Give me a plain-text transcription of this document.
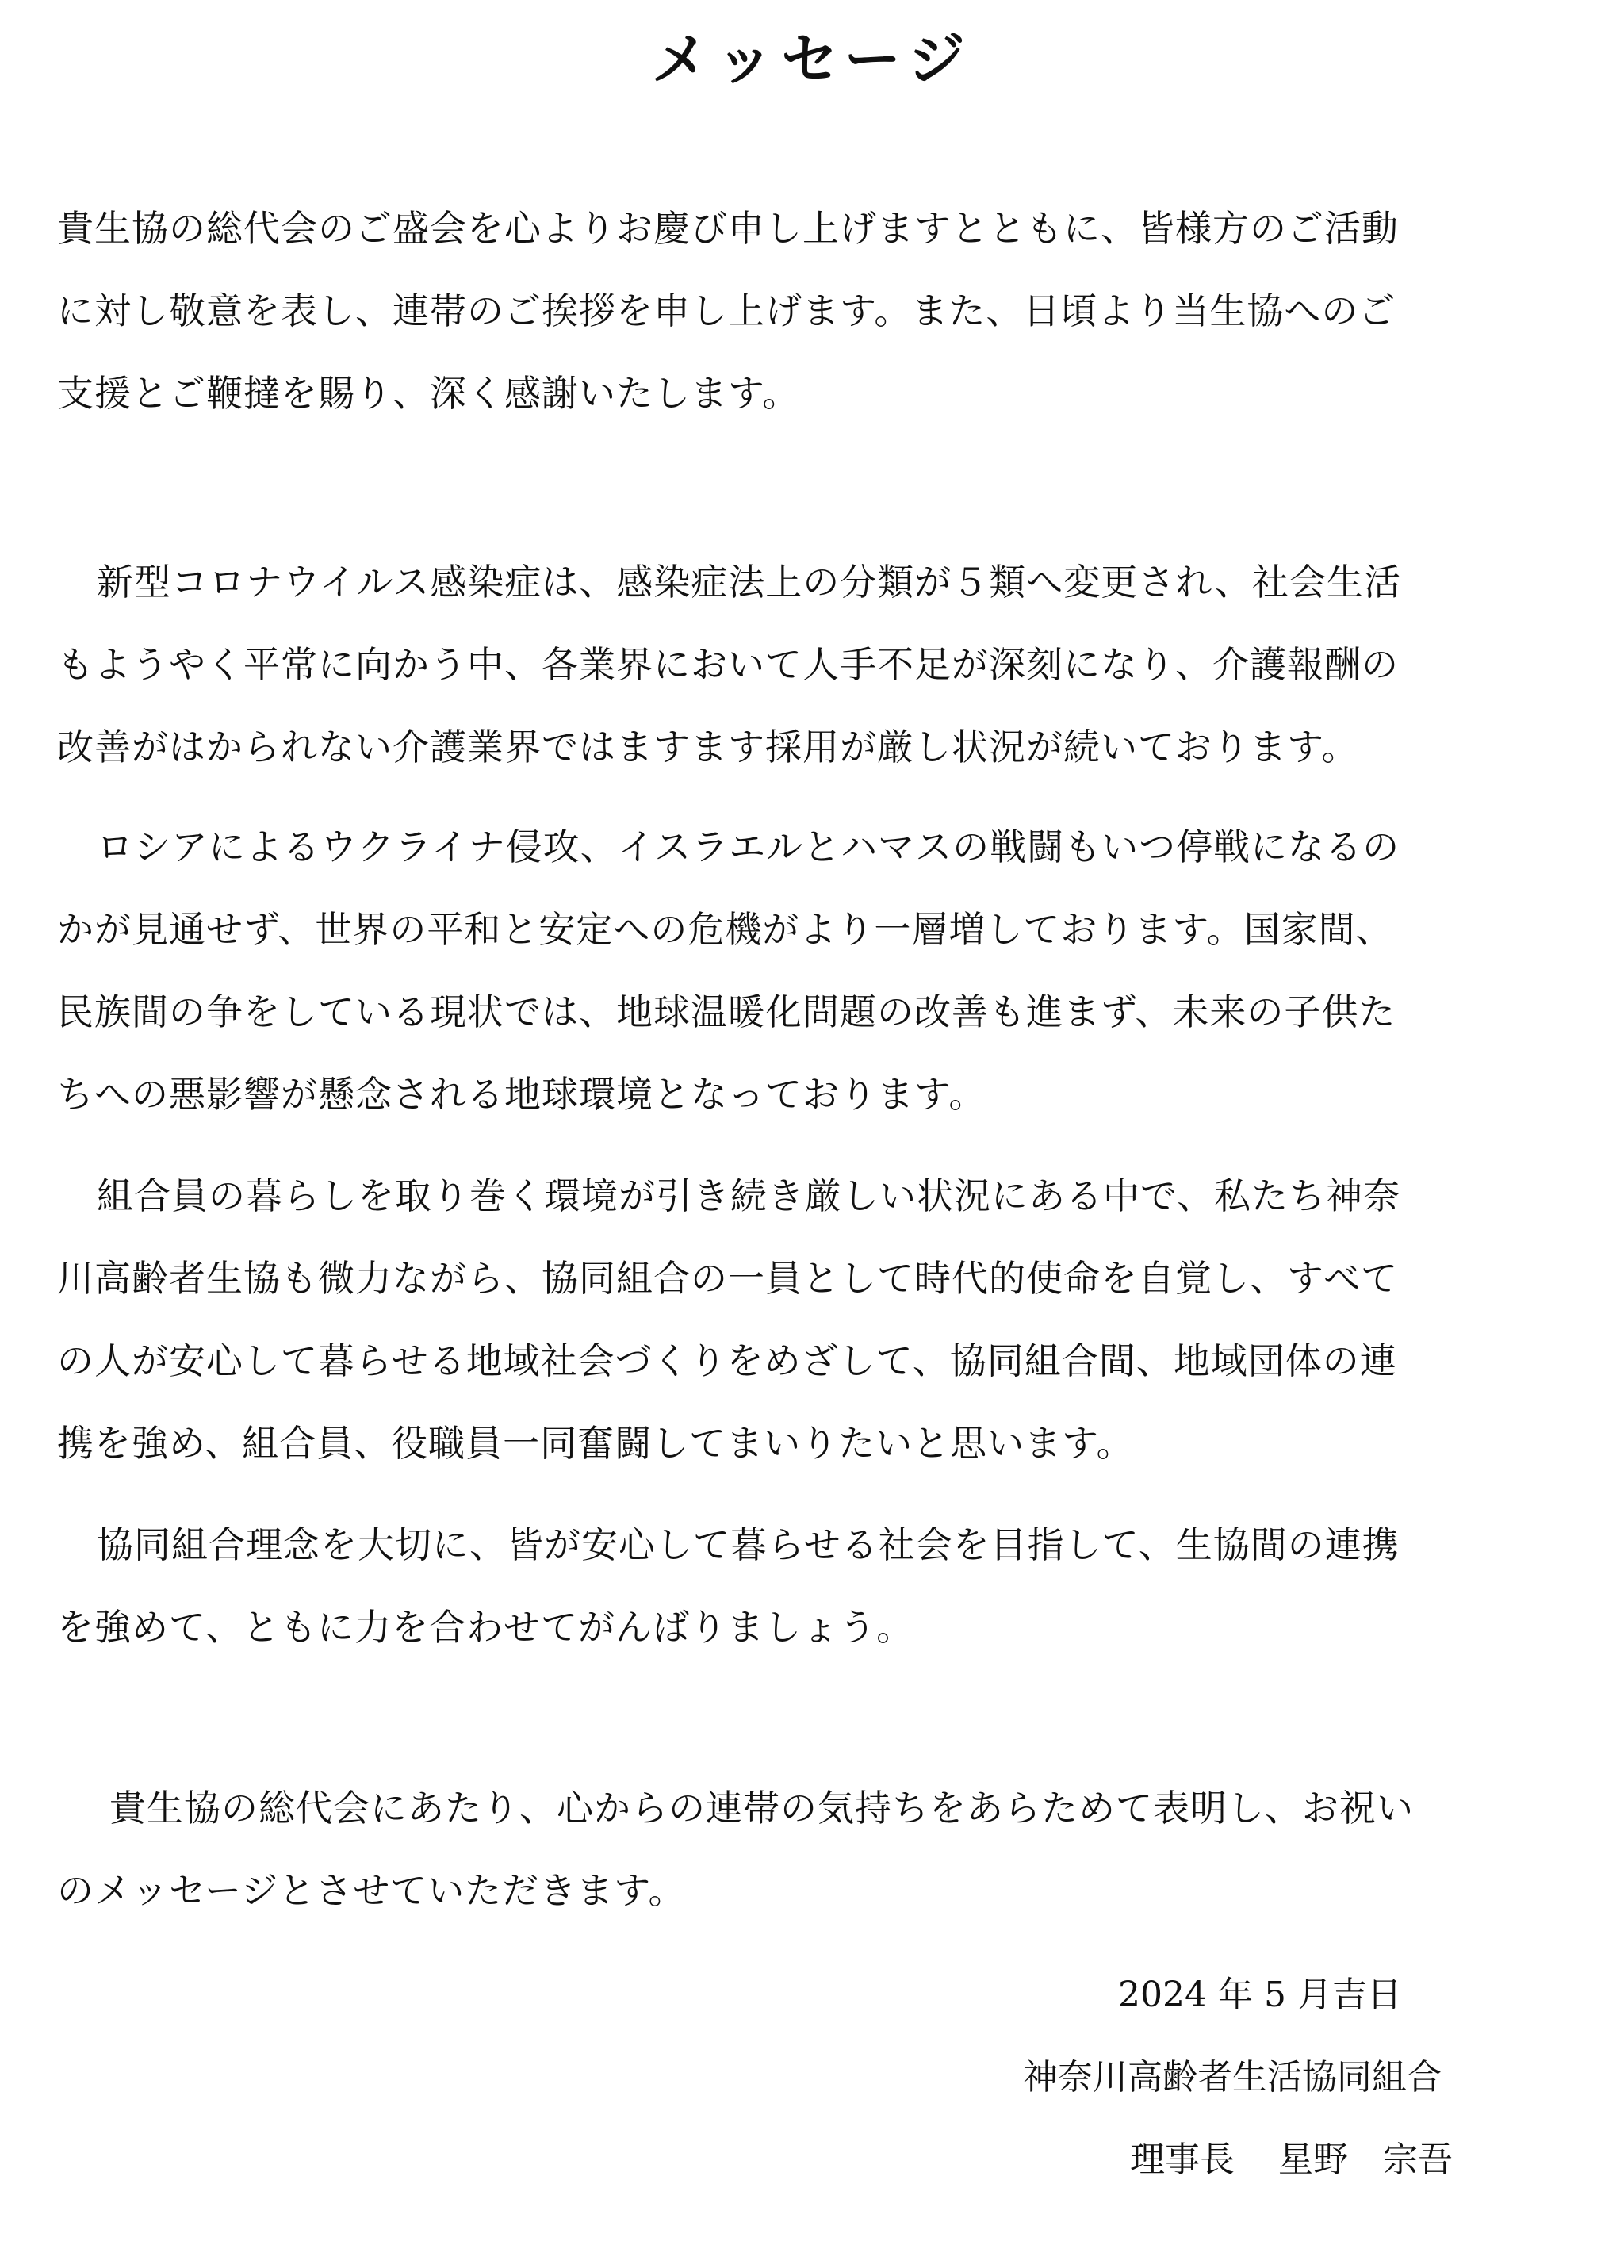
メッセージ
貴生協の総代会のご盛会を心よりお慶び申し上げますとともに、皆様方のご活動
に対し敬意を表し、連帯のご挨拶を申し上げます。また、日頃より当生協へのご
支援とご鞭撻を賜り、深く感謝いたします。
新型コロナウイルス感染症は、感染症法上の分類が５類へ変更され、社会生活
もようやく平常に向かう中、各業界において人手不足が深刻になり、介護報酬の
改善がはかられない介護業界ではますます採用が厳し状況が続いております。
ロシアによるウクライナ侵攻、イスラエルとハマスの戦闘もいつ停戦になるの
かが見通せず、世界の平和と安定への危機がより一層増しております。国家間、
民族間の争をしている現状では、地球温暖化問題の改善も進まず、未来の子供た
ちへの悪影響が懸念される地球環境となっております。
組合員の暮らしを取り巻く環境が引き続き厳しい状況にある中で、私たち神奈
川高齢者生協も微力ながら、協同組合の一員として時代的使命を自覚し、すべて
の人が安心して暮らせる地域社会づくりをめざして、協同組合間、地域団体の連
携を強め、組合員、役職員一同奮闘してまいりたいと思います。
協同組合理念を大切に、皆が安心して暮らせる社会を目指して、生協間の連携
を強めて、ともに力を合わせてがんばりましょう。
貴生協の総代会にあたり、心からの連帯の気持ちをあらためて表明し、お祝い
のメッセージとさせていただきます。
2024 年 5 月吉日
神奈川高齢者生活協同組合
理事長 星野　宗吾
